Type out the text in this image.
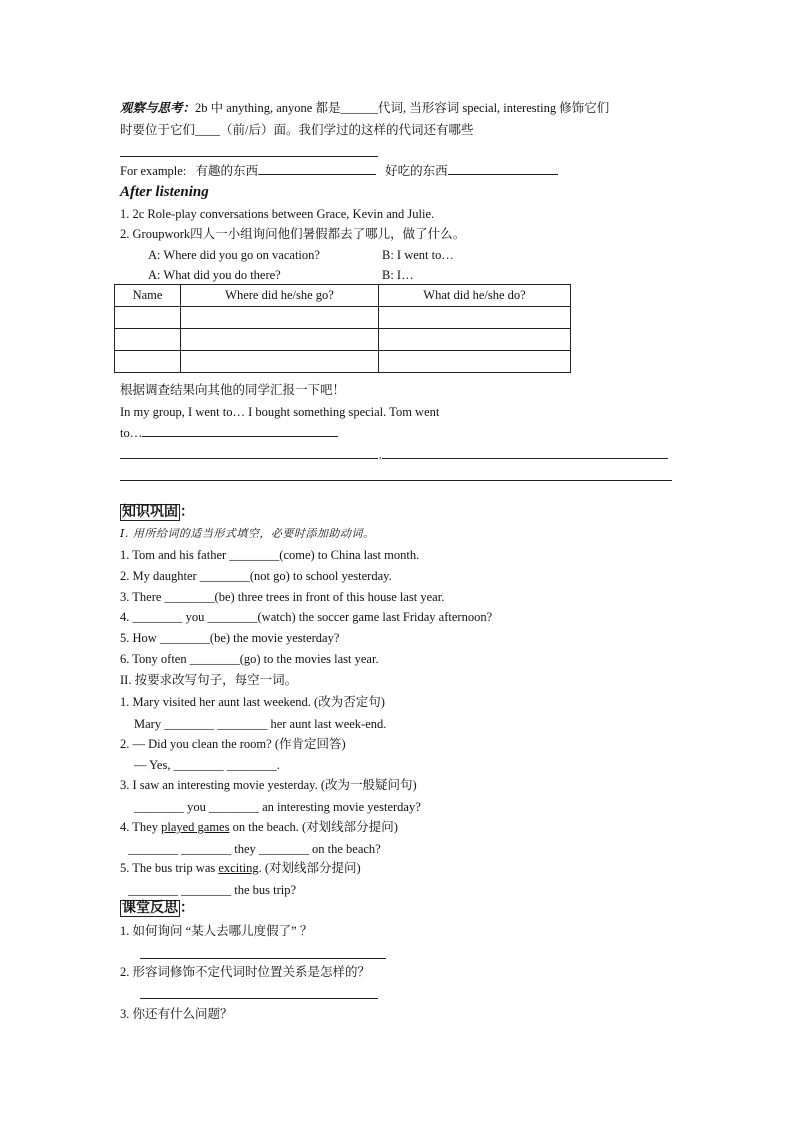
观察与思考：2b 中 anything, anyone 都是______代词, 当形容词 special, interesting 修饰它们
时要位于它们____（前/后）面。我们学过的这样的代词还有哪些
For example: 有趣的东西	好吃的东西
After listening
1. 2c Role-play conversations between Grace, Kevin and Julie.
2. Groupwork四人一小组询问他们暑假都去了哪儿，做了什么。
A: Where did you go on vacation?	B: I went to…
A: What did you do there?	B: I…
Name	Where did he/she go?	What did he/she do?

根据调查结果向其他的同学汇报一下吧！
In my group, I went to… I bought something special. Tom went
to…
,
知识巩固 ：
I. 用所给词的适当形式填空，必要时添加助动词。
1. Tom and his father ________(come) to China last month.
2. My daughter ________(not go) to school yesterday.
3. There ________(be) three trees in front of this house last year.
4. ________ you ________(watch) the soccer game last Friday afternoon?
5. How ________(be) the movie yesterday?
6. Tony often ________(go) to the movies last year.
II. 按要求改写句子，每空一词。
1. Mary visited her aunt last weekend. (改为否定句)
Mary ________ ________ her aunt last week-end.
2. — Did you clean the room? (作肯定回答)
— Yes, ________ ________.
3. I saw an interesting movie yesterday. (改为一般疑问句)
________ you ________ an interesting movie yesterday?
4. They played games on the beach. (对划线部分提问)
________ ________ they ________ on the beach?
5. The bus trip was exciting. (对划线部分提问)
________ ________ the bus trip?
课堂反思 ：
1. 如何询问 “某人去哪儿度假了” ？
2. 形容词修饰不定代词时位置关系是怎样的？
3. 你还有什么问题？
